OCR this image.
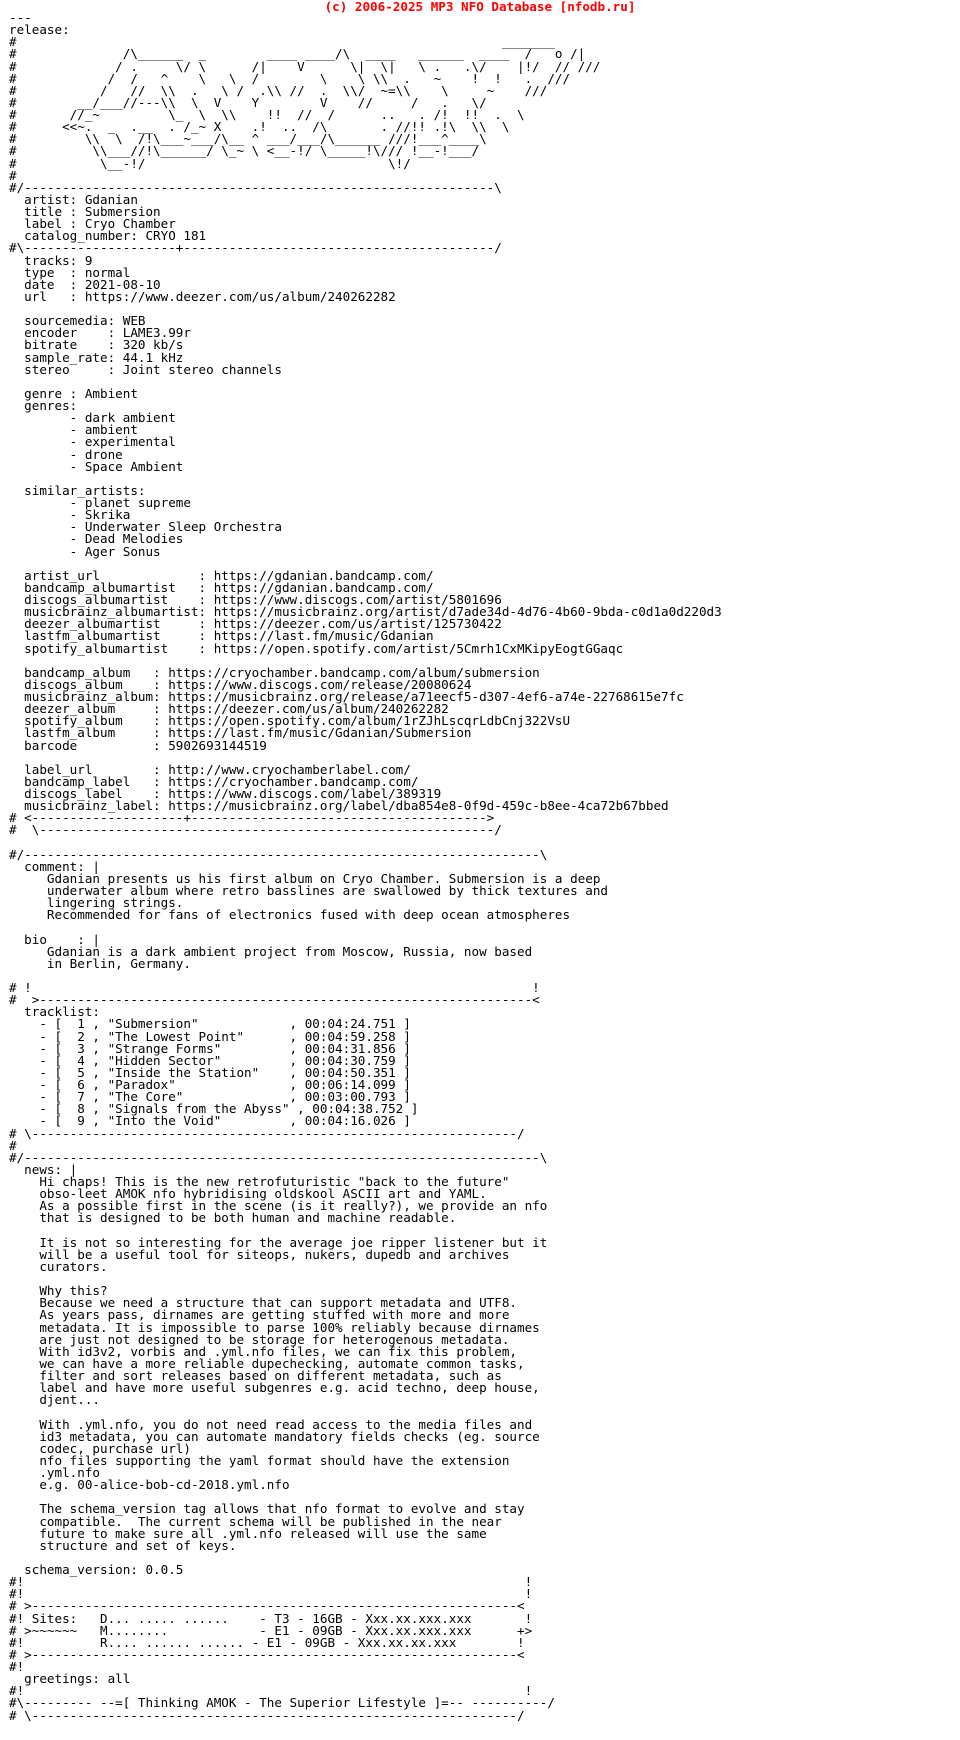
(c) 2006-2025 MP3 NFO Database [nfodb.ru]
---
release:
#                                                                _______
#              /\______  _        ____ ____/\  ____   ______  ____  /   o /|
#             / .     \/ \      /|    V      \|  \|   \ .   .\/    |!/  // ///
#            /  /   ^    \   \  /        \    \ \\  .   ~    !  !   .  ///
#           /   //  \\  .   \ /  .\\ //  .  \\/  ~=\\    \     ~    ///
#        __/___//---\\  \  V    Y        V    //     /   .   \/
#       //_~         \_  \  \\    !!  //  /      ..   . /!  !!  .  \
#      <<~.  _  .__  . /_~ X    .!  ..  /\       . //!! .!\  \\  \
#         \\  \  /!\___~___/\__ ^ ___/___/\______ ///!___^____\
#          \\___//!\______/ \_~ \ <__-!/ \_____!\/// !__-!___/
#           \__-!/                                \!/
#
#/--------------------------------------------------------------\
artist: Gdanian
title : Submersion
label : Cryo Chamber
catalog_number: CRYO 181
#\--------------------+-----------------------------------------/
tracks: 9
type  : normal
date  : 2021-08-10
url   : https://www.deezer.com/us/album/240262282

sourcemedia: WEB
encoder    : LAME3.99r
bitrate    : 320 kb/s
sample_rate: 44.1 kHz
stereo     : Joint stereo channels

genre : Ambient
genres:
- dark ambient
- ambient
- experimental
- drone
- Space Ambient

similar_artists:
- planet supreme
- Skrika
- Underwater Sleep Orchestra
- Dead Melodies
- Ager Sonus

artist_url             : https://gdanian.bandcamp.com/
bandcamp_albumartist   : https://gdanian.bandcamp.com/
discogs_albumartist    : https://www.discogs.com/artist/5801696
musicbrainz_albumartist: https://musicbrainz.org/artist/d7ade34d-4d76-4b60-9bda-c0d1a0d220d3
deezer_albumartist     : https://deezer.com/us/artist/125730422
lastfm_albumartist     : https://last.fm/music/Gdanian
spotify_albumartist    : https://open.spotify.com/artist/5Cmrh1CxMKipyEogtGGaqc

bandcamp_album   : https://cryochamber.bandcamp.com/album/submersion
discogs_album    : https://www.discogs.com/release/20080624
musicbrainz_album: https://musicbrainz.org/release/a71eecf5-d307-4ef6-a74e-22768615e7fc
deezer_album     : https://deezer.com/us/album/240262282
spotify_album    : https://open.spotify.com/album/1rZJhLscqrLdbCnj322VsU
lastfm_album     : https://last.fm/music/Gdanian/Submersion
barcode          : 5902693144519

label_url        : http://www.cryochamberlabel.com/
bandcamp_label   : https://cryochamber.bandcamp.com/
discogs_label    : https://www.discogs.com/label/389319
musicbrainz_label: https://musicbrainz.org/label/dba854e8-0f9d-459c-b8ee-4ca72b67bbed
# <--------------------+--------------------------------------->
#  \------------------------------------------------------------/

#/--------------------------------------------------------------------\
comment: |
Gdanian presents us his first album on Cryo Chamber. Submersion is a deep
underwater album where retro basslines are swallowed by thick textures and
lingering strings.
Recommended for fans of electronics fused with deep ocean atmospheres

bio    : |
Gdanian is a dark ambient project from Moscow, Russia, now based
in Berlin, Germany.

# !                                                                  !
#  >-----------------------------------------------------------------<
tracklist:
- [  1 , "Submersion"            , 00:04:24.751 ]
- [  2 , "The Lowest Point"      , 00:04:59.258 ]
- [  3 , "Strange Forms"         , 00:04:31.856 ]
- [  4 , "Hidden Sector"         , 00:04:30.759 ]
- [  5 , "Inside the Station"    , 00:04:50.351 ]
- [  6 , "Paradox"               , 00:06:14.099 ]
- [  7 , "The Core"              , 00:03:00.793 ]
- [  8 , "Signals from the Abyss" , 00:04:38.752 ]
- [  9 , "Into the Void"         , 00:04:16.026 ]
# \----------------------------------------------------------------/
#
#/--------------------------------------------------------------------\
news: |
Hi chaps! This is the new retrofuturistic "back to the future"
obso-leet AMOK nfo hybridising oldskool ASCII art and YAML.
As a possible first in the scene (is it really?), we provide an nfo
that is designed to be both human and machine readable.

It is not so interesting for the average joe ripper listener but it
will be a useful tool for siteops, nukers, dupedb and archives
curators.

Why this?
Because we need a structure that can support metadata and UTF8.
As years pass, dirnames are getting stuffed with more and more
metadata. It is impossible to parse 100% reliably because dirnames
are just not designed to be storage for heterogenous metadata.
With id3v2, vorbis and .yml.nfo files, we can fix this problem,
we can have a more reliable dupechecking, automate common tasks,
filter and sort releases based on different metadata, such as
label and have more useful subgenres e.g. acid techno, deep house,
djent...

With .yml.nfo, you do not need read access to the media files and
id3 metadata, you can automate mandatory fields checks (eg. source
codec, purchase url)
nfo files supporting the yaml format should have the extension
.yml.nfo
e.g. 00-alice-bob-cd-2018.yml.nfo

The schema_version tag allows that nfo format to evolve and stay
compatible.  The current schema will be published in the near
future to make sure all .yml.nfo released will use the same
structure and set of keys.

schema_version: 0.0.5
#!                                                                  !
#!                                                                  !
# >----------------------------------------------------------------<
#! Sites:   D... ..... ......    - T3 - 16GB - Xxx.xx.xxx.xxx       !
# >~~~~~~   M........            - E1 - 09GB - Xxx.xx.xxx.xxx      +>
#!          R.... ...... ...... - E1 - 09GB - Xxx.xx.xx.xxx        !
# >----------------------------------------------------------------<
#!
greetings: all
#!                                                                  !
#\--------- --=[ Thinking AMOK - The Superior Lifestyle ]=-- ----------/
# \----------------------------------------------------------------/
